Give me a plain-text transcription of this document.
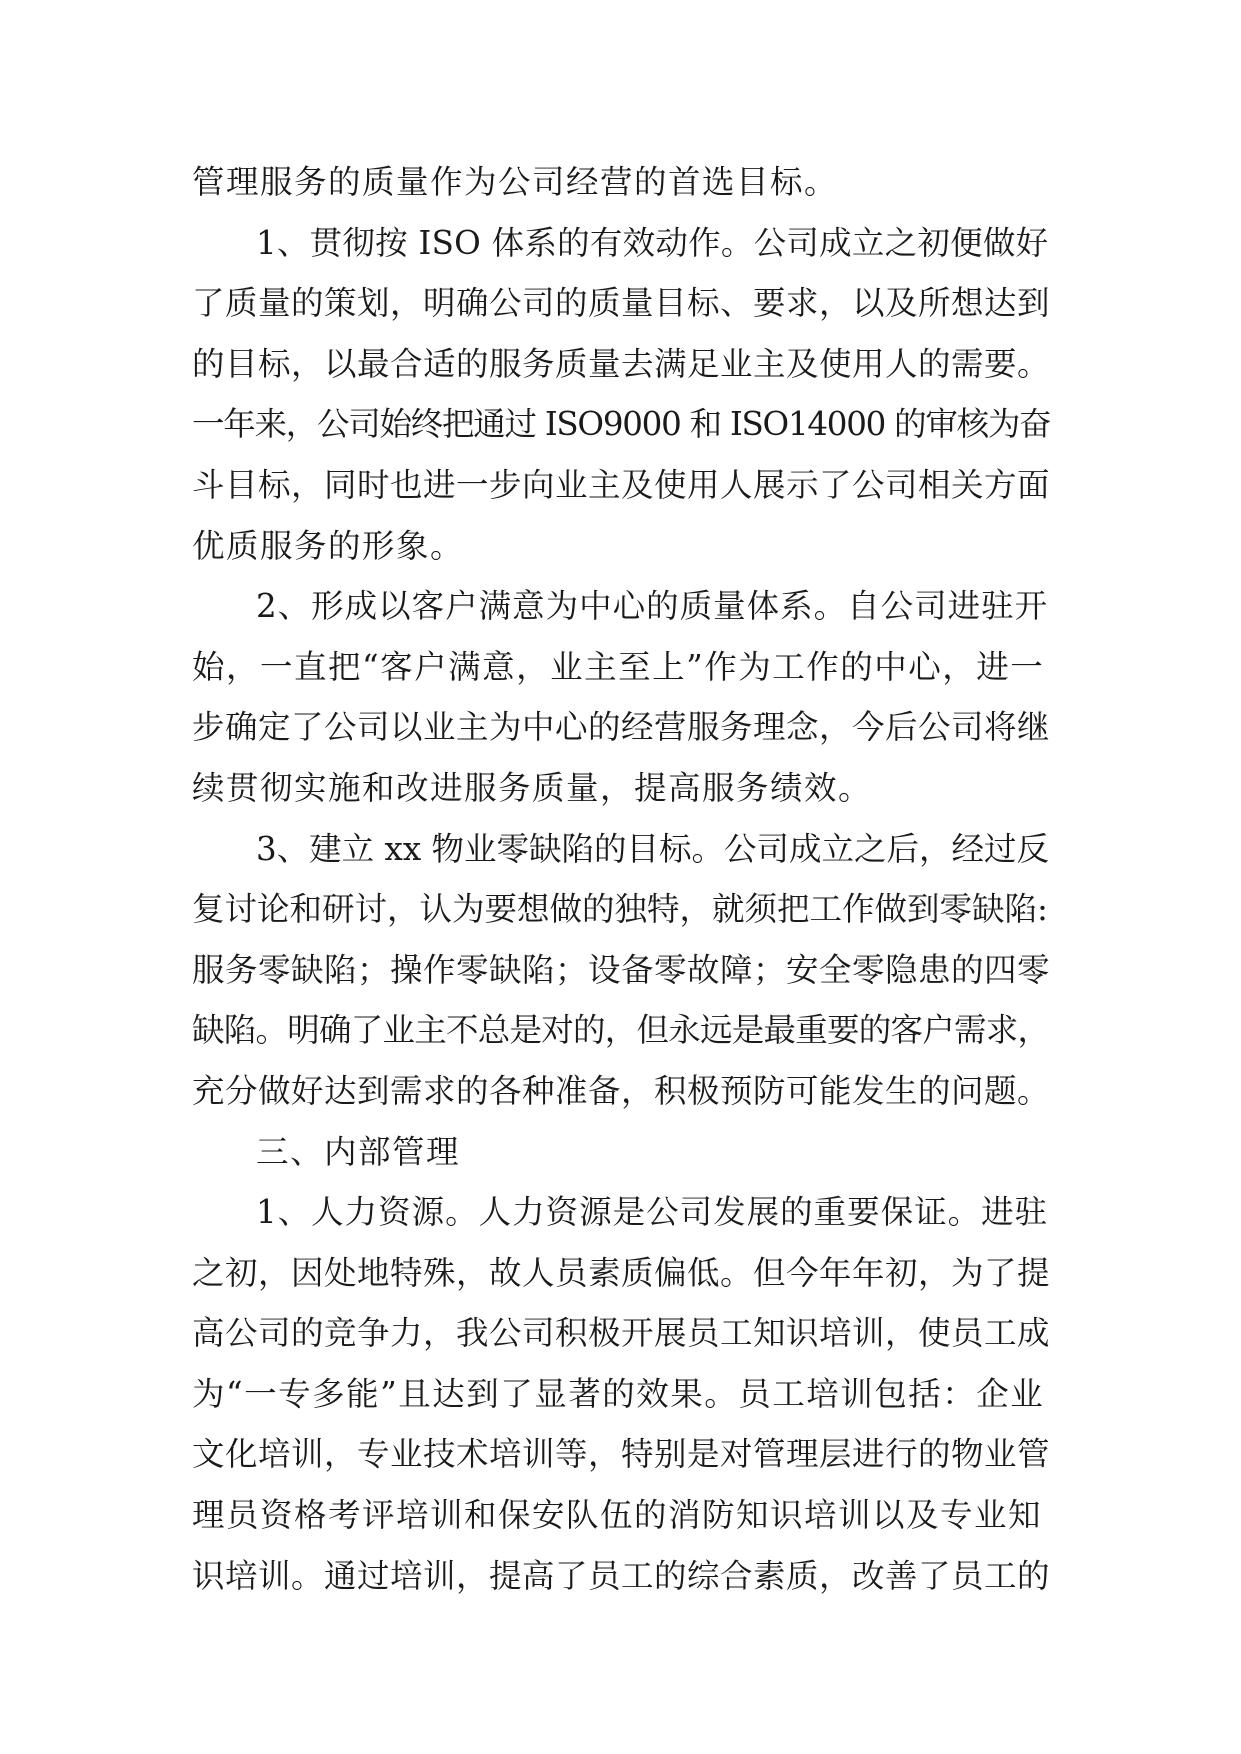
管理服务的质量作为公司经营的首选目标。
1、贯彻按 ISO 体系的有效动作。公司成立之初便做好
了质量的策划，明确公司的质量目标、要求，以及所想达到
的目标，以最合适的服务质量去满足业主及使用人的需要。
一年来，公司始终把通过 ISO9000 和 ISO14000 的审核为奋
斗目标，同时也进一步向业主及使用人展示了公司相关方面
优质服务的形象。
2、形成以客户满意为中心的质量体系。自公司进驻开
始，一直把“客户满意，业主至上”作为工作的中心，进一
步确定了公司以业主为中心的经营服务理念，今后公司将继
续贯彻实施和改进服务质量，提高服务绩效。
3、建立 xx 物业零缺陷的目标。公司成立之后，经过反
复讨论和研讨，认为要想做的独特，就须把工作做到零缺陷:
服务零缺陷；操作零缺陷；设备零故障；安全零隐患的四零
缺陷。明确了业主不总是对的，但永远是最重要的客户需求，
充分做好达到需求的各种准备，积极预防可能发生的问题。
三、内部管理
1、人力资源。人力资源是公司发展的重要保证。进驻
之初，因处地特殊，故人员素质偏低。但今年年初，为了提
高公司的竞争力，我公司积极开展员工知识培训，使员工成
为“一专多能”且达到了显著的效果。员工培训包括：企业
文化培训，专业技术培训等，特别是对管理层进行的物业管
理员资格考评培训和保安队伍的消防知识培训以及专业知
识培训。通过培训，提高了员工的综合素质，改善了员工的
